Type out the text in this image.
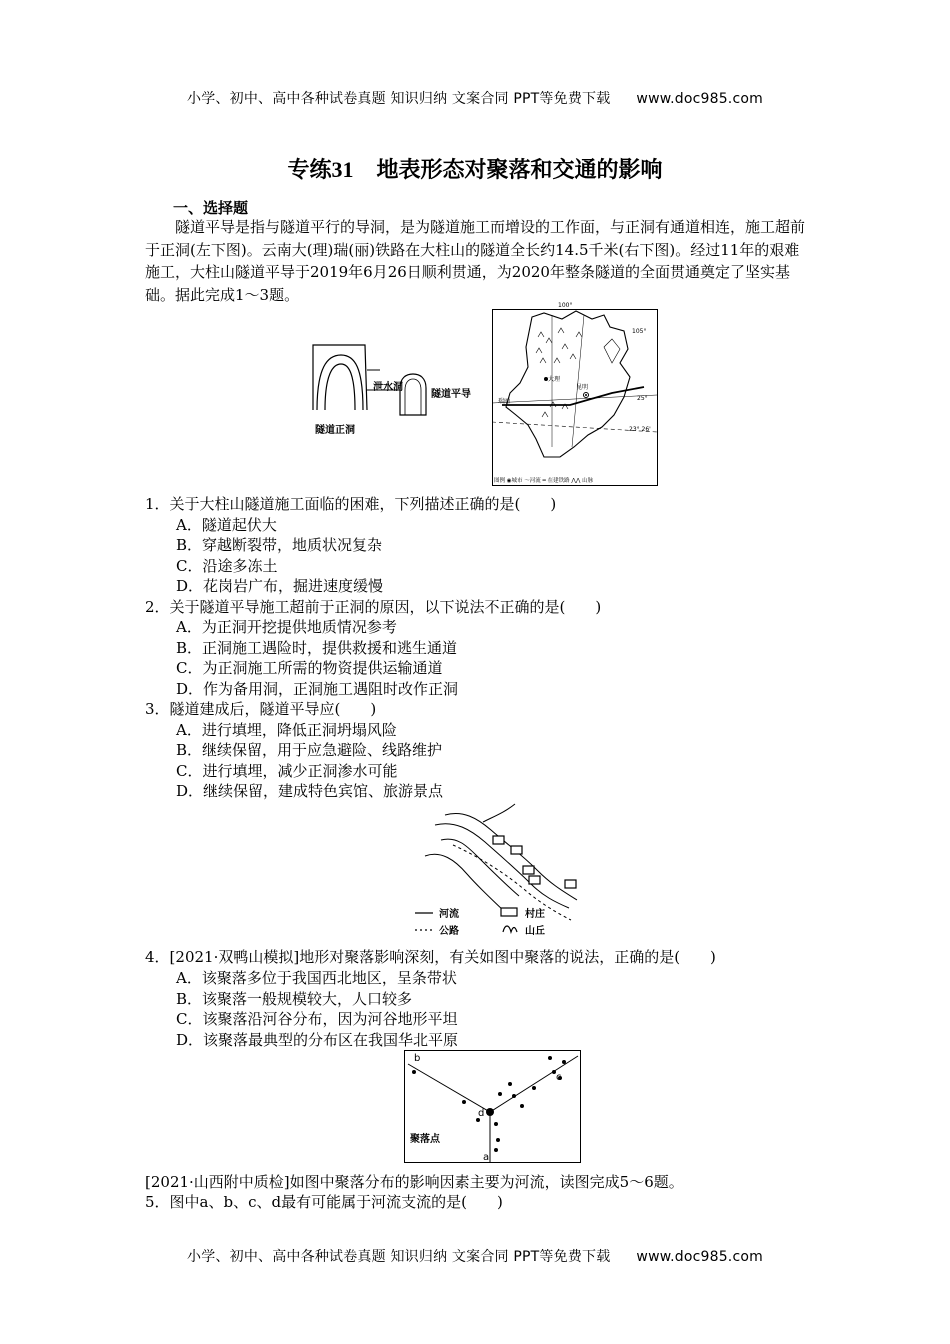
小学、初中、高中各种试卷真题 知识归纳 文案合同 PPT等免费下载 www.doc985.com
专练31 地表形态对聚落和交通的影响
一、选择题
隧道平导是指与隧道平行的导洞，是为隧道施工而增设的工作面，与正洞有通道相连，施工超前于正洞(左下图)。云南大(理)瑞(丽)铁路在大柱山的隧道全长约14.5千米(右下图)。经过11年的艰难施工，大柱山隧道平导于2019年6月26日顺利贯通，为2020年整条隧道的全面贯通奠定了坚实基础。据此完成1～3题。
泄水洞
隧道平导
隧道正洞
100°
105°
25°
23° 26'
大理
昆明
瑞丽
图例 ◉城市 ～河流 ━ 在建铁路 ⋀⋀ 山脉
1．关于大柱山隧道施工面临的困难，下列描述正确的是(　　)
A．隧道起伏大
B．穿越断裂带，地质状况复杂
C．沿途多冻土
D．花岗岩广布，掘进速度缓慢
2．关于隧道平导施工超前于正洞的原因，以下说法不正确的是(　　)
A．为正洞开挖提供地质情况参考
B．正洞施工遇险时，提供救援和逃生通道
C．为正洞施工所需的物资提供运输通道
D．作为备用洞，正洞施工遇阻时改作正洞
3．隧道建成后，隧道平导应(　　)
A．进行填埋，降低正洞坍塌风险
B．继续保留，用于应急避险、线路维护
C．进行填埋，减少正洞渗水可能
D．继续保留，建成特色宾馆、旅游景点
河流
公路
村庄
山丘
4．[2021·双鸭山模拟]地形对聚落影响深刻，有关如图中聚落的说法，正确的是(　　)
A．该聚落多位于我国西北地区，呈条带状
B．该聚落一般规模较大，人口较多
C．该聚落沿河谷分布，因为河谷地形平坦
D．该聚落最典型的分布区在我国华北平原
b
c
d
a
聚落点
[2021·山西附中质检]如图中聚落分布的影响因素主要为河流，读图完成5～6题。
5．图中a、b、c、d最有可能属于河流支流的是(　　)
小学、初中、高中各种试卷真题 知识归纳 文案合同 PPT等免费下载 www.doc985.com
